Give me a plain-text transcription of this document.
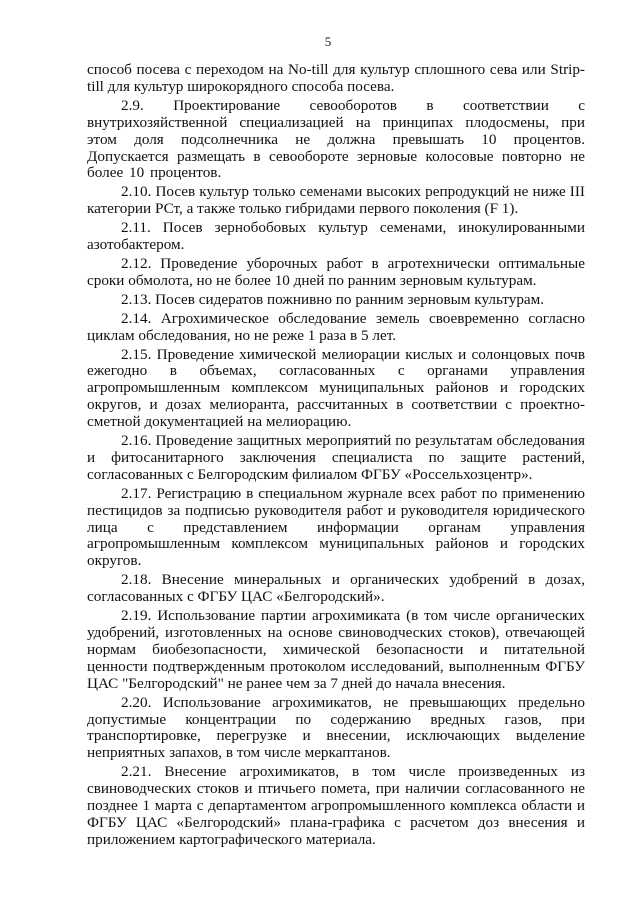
5

способ посева с переходом на No-till для культур сплошного сева или Strip-till для культур широкорядного способа посева.

2.9. Проектирование севооборотов в соответствии с внутрихозяйственной специализацией на принципах плодосмены, при этом доля подсолнечника не должна превышать 10 процентов. Допускается размещать в севообороте зерновые колосовые повторно не более 10 процентов.

2.10. Посев культур только семенами высоких репродукций не ниже III категории РСт, а также только гибридами первого поколения (F 1).

2.11. Посев зернобобовых культур семенами, инокулированными азотобактером.

2.12. Проведение уборочных работ в агротехнически оптимальные сроки обмолота, но не более 10 дней по ранним зерновым культурам.

2.13. Посев сидератов пожнивно по ранним зерновым культурам.

2.14. Агрохимическое обследование земель своевременно согласно циклам обследования, но не реже 1 раза в 5 лет.

2.15. Проведение химической мелиорации кислых и солонцовых почв ежегодно в объемах, согласованных с органами управления агропромышленным комплексом муниципальных районов и городских округов, и дозах мелиоранта, рассчитанных в соответствии с проектно-сметной документацией на мелиорацию.

2.16. Проведение защитных мероприятий по результатам обследования и фитосанитарного заключения специалиста по защите растений, согласованных с Белгородским филиалом ФГБУ «Россельхозцентр».

2.17. Регистрацию в специальном журнале всех работ по применению пестицидов за подписью руководителя работ и руководителя юридического лица с представлением информации органам управления агропромышленным комплексом муниципальных районов и городских округов.

2.18. Внесение минеральных и органических удобрений в дозах, согласованных с ФГБУ ЦАС «Белгородский».

2.19. Использование партии агрохимиката (в том числе органических удобрений, изготовленных на основе свиноводческих стоков), отвечающей нормам биобезопасности, химической безопасности и питательной ценности подтвержденным протоколом исследований, выполненным ФГБУ ЦАС "Белгородский" не ранее чем за 7 дней до начала внесения.

2.20. Использование агрохимикатов, не превышающих предельно допустимые концентрации по содержанию вредных газов, при транспортировке, перегрузке и внесении, исключающих выделение неприятных запахов, в том числе меркаптанов.

2.21. Внесение агрохимикатов, в том числе произведенных из свиноводческих стоков и птичьего помета, при наличии согласованного не позднее 1 марта с департаментом агропромышленного комплекса области и ФГБУ ЦАС «Белгородский» плана-графика с расчетом доз внесения и приложением картографического материала.
